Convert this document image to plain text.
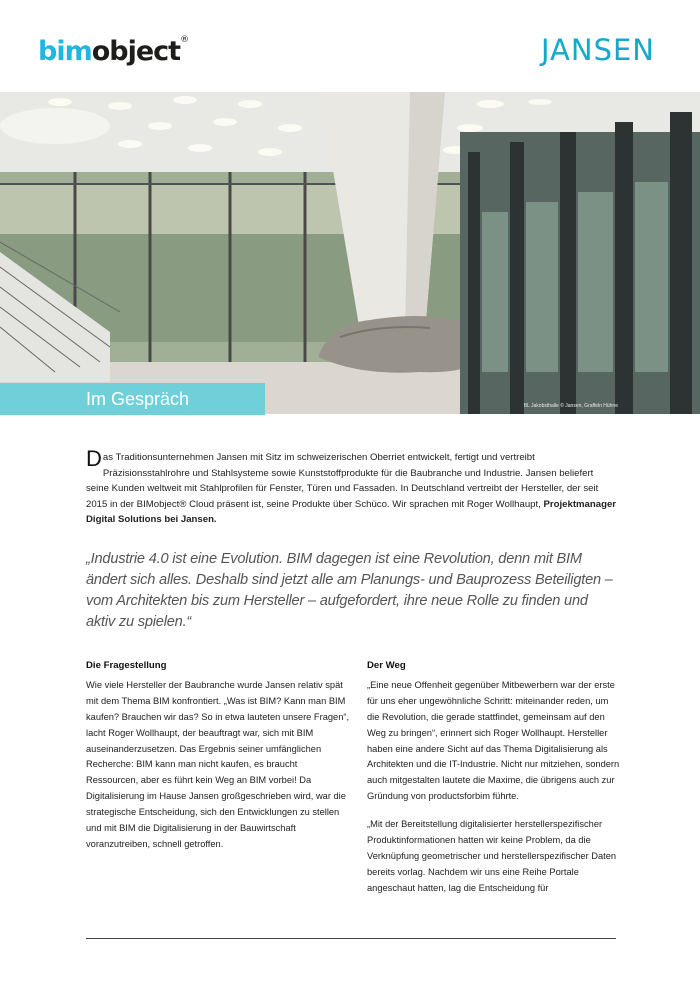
bimobject®	JANSEN
Im Gespräch	BL Jakobsthalle © Jansen, Graffeln Hühne
Das Traditionsunternehmen Jansen mit Sitz im schweizerischen Oberriet entwickelt, fertigt und vertreibt Präzisionsstahlrohre und Stahlsysteme sowie Kunststoffprodukte für die Baubranche und Industrie. Jansen beliefert seine Kunden weltweit mit Stahlprofilen für Fenster, Türen und Fassaden. In Deutschland vertreibt der Hersteller, der seit 2015 in der BIMobject® Cloud präsent ist, seine Produkte über Schüco. Wir sprachen mit Roger Wollhaupt, Projektmanager Digital Solutions bei Jansen.
„Industrie 4.0 ist eine Evolution. BIM dagegen ist eine Revolution, denn mit BIM ändert sich alles. Deshalb sind jetzt alle am Planungs- und Bauprozess Beteiligten – vom Architekten bis zum Hersteller – aufgefordert, ihre neue Rolle zu finden und aktiv zu spielen.“
Die Fragestellung

Wie viele Hersteller der Baubranche wurde Jansen relativ spät mit dem Thema BIM konfrontiert. „Was ist BIM? Kann man BIM kaufen? Brauchen wir das? So in etwa lauteten unsere Fragen“, lacht Roger Wollhaupt, der beauftragt war, sich mit BIM auseinanderzusetzen. Das Ergebnis seiner umfänglichen Recherche: BIM kann man nicht kaufen, es braucht Ressourcen, aber es führt kein Weg an BIM vorbei! Da Digitalisierung im Hause Jansen großgeschrieben wird, war die strategische Entscheidung, sich den Entwicklungen zu stellen und mit BIM die Digitalisierung in der Bauwirtschaft voranzutreiben, schnell getroffen.

Der Weg

„Eine neue Offenheit gegenüber Mitbewerbern war der erste für uns eher ungewöhnliche Schritt: miteinander reden, um die Revolution, die gerade stattfindet, gemeinsam auf den Weg zu bringen“, erinnert sich Roger Wollhaupt. Hersteller haben eine andere Sicht auf das Thema Digitalisierung als Architekten und die IT-Industrie. Nicht nur mitziehen, sondern auch mitgestalten lautete die Maxime, die übrigens auch zur Gründung von productsforbim führte.

„Mit der Bereitstellung digitalisierter herstellerspezifischer Produktinformationen hatten wir keine Problem, da die Verknüpfung geometrischer und herstellerspezifischer Daten bereits vorlag. Nachdem wir uns eine Reihe Portale angeschaut hatten, lag die Entscheidung für
